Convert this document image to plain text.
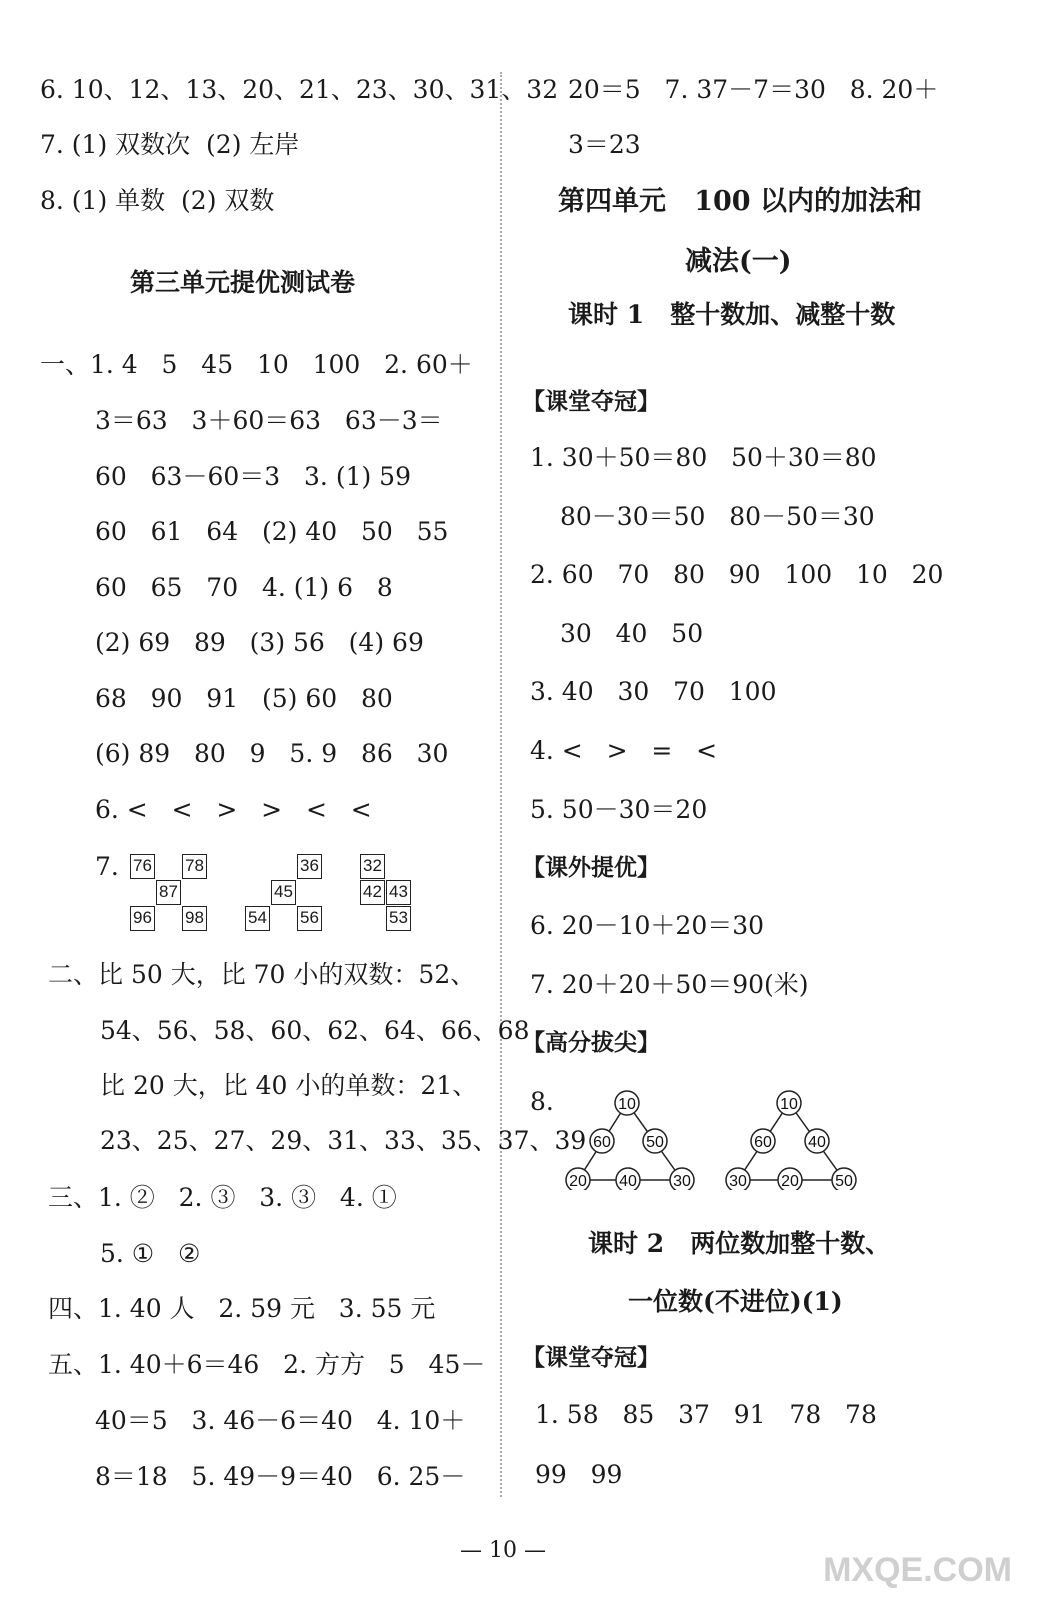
6. 10、12、13、20、21、23、30、31、32
7. (1) 双数次  (2) 左岸
8. (1) 单数  (2) 双数
第三单元提优测试卷
一、1. 4   5   45   10   100   2. 60＋
3＝63   3＋60＝63   63－3＝
60   63－60＝3   3. (1) 59
60   61   64   (2) 40   50   55
60   65   70   4. (1) 6   8
(2) 69   89   (3) 56   (4) 69
68   90   91   (5) 60   80
(6) 89   80   9   5. 9   86   30
6. <   <   >   >   <   <
7. 76 78
87
96 98
36
45
54 56
32
42 43
53
二、比 50 大，比 70 小的双数：52、
54、56、58、60、62、64、66、68
比 20 大，比 40 小的单数：21、
23、25、27、29、31、33、35、37、39
三、1. ②   2. ③   3. ③   4. ①
5. ①   ②
四、1. 40 人   2. 59 元   3. 55 元
五、1. 40＋6＝46   2. 方方   5   45－
40＝5   3. 46－6＝40   4. 10＋
8＝18   5. 49－9＝40   6. 25－
20＝5   7. 37－7＝30   8. 20＋
3＝23
第四单元   100 以内的加法和
减法(一)
课时 1   整十数加、减整十数
【课堂夺冠】
1. 30＋50＝80   50＋30＝80
80－30＝50   80－50＝30
2. 60   70   80   90   100   10   20
30   40   50
3. 40   30   70   100
4. <   >   =   <
5. 50－30＝20
【课外提优】
6. 20－10＋20＝30
7. 20＋20＋50＝90(米)
【高分拔尖】
8.	10
60 50
20 40 30
10
60 40
30 20 50
课时 2   两位数加整十数、
一位数(不进位)(1)
【课堂夺冠】
1. 58   85   37   91   78   78
99   99
— 10 —
MXQE.COM
